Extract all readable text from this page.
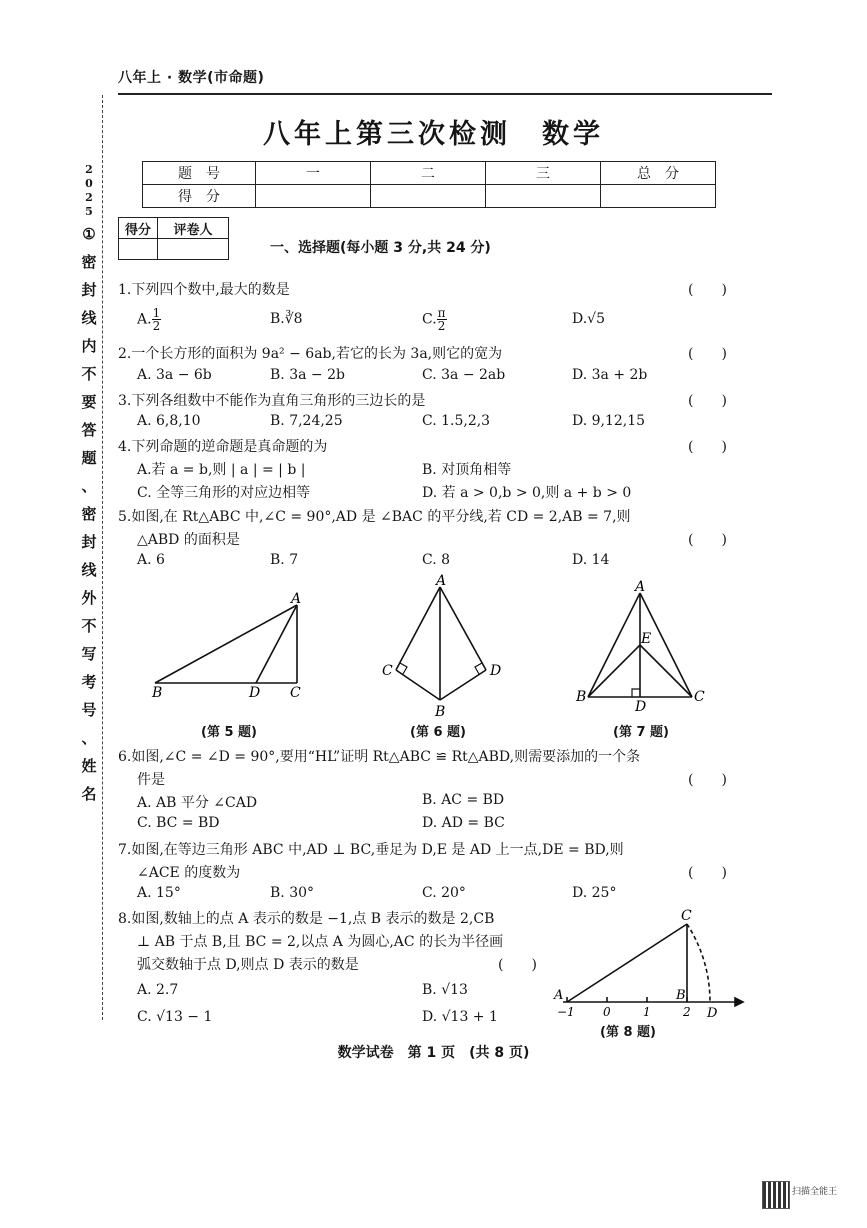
八年上 · 数学(市命题)
2
0
2
5
①
密
封
线
内
不
要
答
题
、
密
封
线
外
不
写
考
号
、
姓
名
八年上第三次检测　数学
题　号	一	二	三	总　分
得　分				
得分	评卷人

一、选择题(每小题 3 分,共 24 分)
1.下列四个数中,最大的数是	(　　)
A. $\frac{1}{2}$	B.∛8	C. $\frac{\pi}{2}$	D.√5
2.一个长方形的面积为 9a² − 6ab,若它的长为 3a,则它的宽为	(　　)
A. 3a − 6b	B. 3a − 2b	C. 3a − 2ab	D. 3a + 2b
3.下列各组数中不能作为直角三角形的三边长的是	(　　)
A. 6,8,10	B. 7,24,25	C. 1.5,2,3	D. 9,12,15
4.下列命题的逆命题是真命题的为	(　　)
A.若 a = b,则 | a | = | b |	B. 对顶角相等
C. 全等三角形的对应边相等	D. 若 a > 0,b > 0,则 a + b > 0
5.如图,在 Rt△ABC 中,∠C = 90°,AD 是 ∠BAC 的平分线,若 CD = 2,AB = 7,则
△ABD 的面积是	(　　)
A. 6	B. 7	C. 8	D. 14
A
B	D C
(第 5 题)
A
C	D
B
(第 6 题)
A
E
B
D
C
(第 7 题)
6.如图,∠C = ∠D = 90°,要用“HL”证明 Rt△ABC ≌ Rt△ABD,则需要添加的一个条
件是	(　　)
A. AB 平分 ∠CAD	B. AC = BD
C. BC = BD	D. AD = BC
7.如图,在等边三角形 ABC 中,AD ⊥ BC,垂足为 D,E 是 AD 上一点,DE = BD,则
∠ACE 的度数为	(　　)
A. 15°	B. 30°	C. 20°	D. 25°
8.如图,数轴上的点 A 表示的数是 −1,点 B 表示的数是 2,CB
⊥ AB 于点 B,且 BC = 2,以点 A 为圆心,AC 的长为半径画
弧交数轴于点 D,则点 D 表示的数是	(　　)
A. 2.7	B. √13
C. √13 − 1	D. √13 + 1
C
A	B
D
−1 0	1	2
(第 8 题)
数学试卷　第 1 页　(共 8 页)
扫描全能王
